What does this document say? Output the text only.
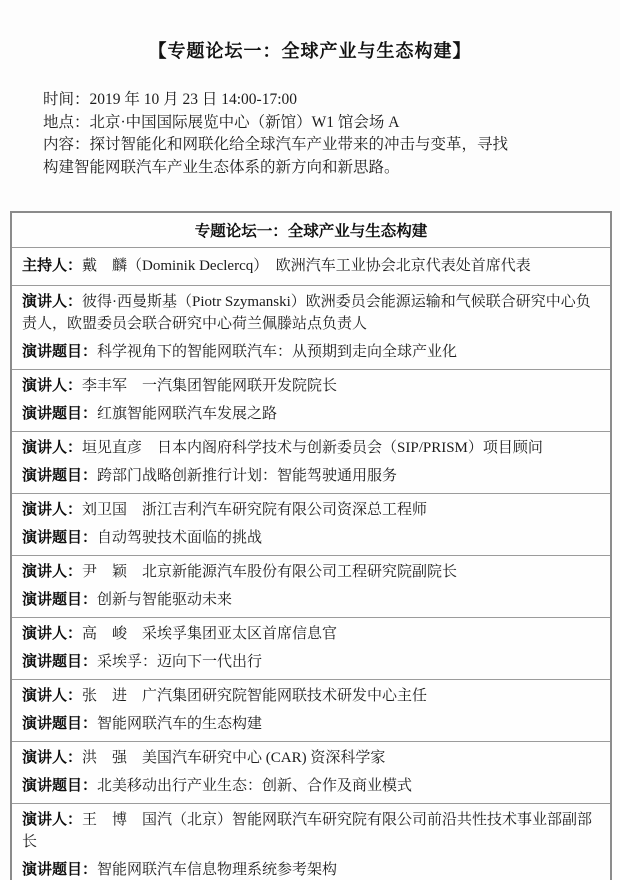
【专题论坛一：全球产业与生态构建】

时间：2019 年 10 月 23 日 14:00-17:00

地点：北京·中国国际展览中心（新馆）W1 馆会场 A

内容：探讨智能化和网联化给全球汽车产业带来的冲击与变革，寻找

构建智能网联汽车产业生态体系的新方向和新思路。

专题论坛一：全球产业与生态构建

主持人：戴　麟（Dominik Declercq）　欧洲汽车工业协会北京代表处首席代表

演讲人：彼得·西曼斯基（Piotr Szymanski）欧洲委员会能源运输和气候联合研究中心负责人，欧盟委员会联合研究中心荷兰佩滕站点负责人

演讲题目：科学视角下的智能网联汽车：从预期到走向全球产业化

演讲人：李丰军　一汽集团智能网联开发院院长

演讲题目：红旗智能网联汽车发展之路

演讲人：垣见直彦　日本内阁府科学技术与创新委员会（SIP/PRISM）项目顾问

演讲题目：跨部门战略创新推行计划：智能驾驶通用服务

演讲人：刘卫国　浙江吉利汽车研究院有限公司资深总工程师

演讲题目：自动驾驶技术面临的挑战

演讲人：尹　颖　北京新能源汽车股份有限公司工程研究院副院长

演讲题目：创新与智能驱动未来

演讲人：高　峻　采埃孚集团亚太区首席信息官

演讲题目：采埃孚：迈向下一代出行

演讲人：张　进　广汽集团研究院智能网联技术研发中心主任

演讲题目：智能网联汽车的生态构建

演讲人：洪　强　美国汽车研究中心 (CAR) 资深科学家

演讲题目：北美移动出行产业生态：创新、合作及商业模式

演讲人：王　博　国汽（北京）智能网联汽车研究院有限公司前沿共性技术事业部副部长

演讲题目：智能网联汽车信息物理系统参考架构
